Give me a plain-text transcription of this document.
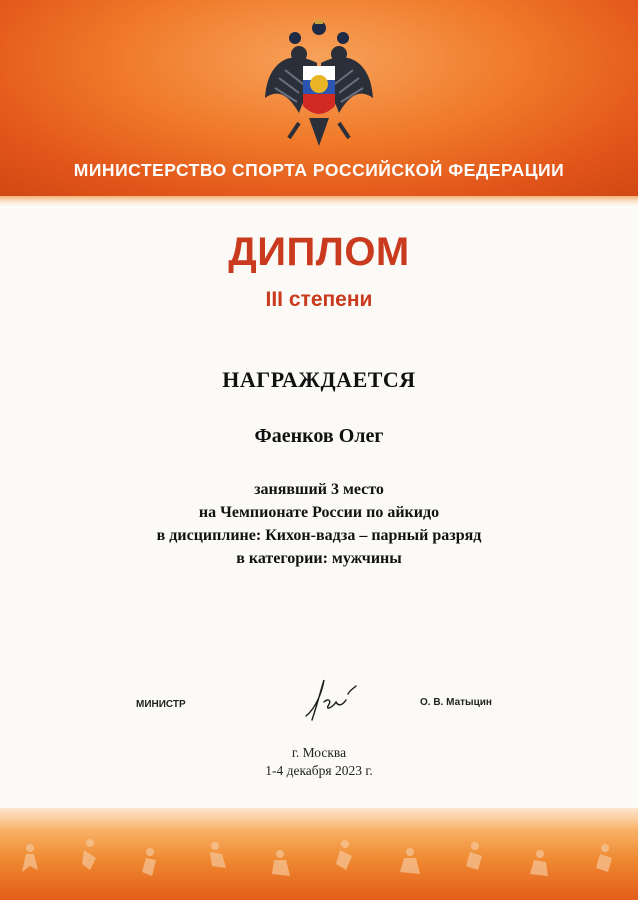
МИНИСТЕРСТВО СПОРТА РОССИЙСКОЙ ФЕДЕРАЦИИ
ДИПЛОМ
III степени
НАГРАЖДАЕТСЯ
Фаенков Олег
занявший 3 место
на Чемпионате России по айкидо
в дисциплине: Кихон-вадза – парный разряд
в категории: мужчины
МИНИСТР	О. В. Матыцин
г. Москва
1-4 декабря 2023 г.
